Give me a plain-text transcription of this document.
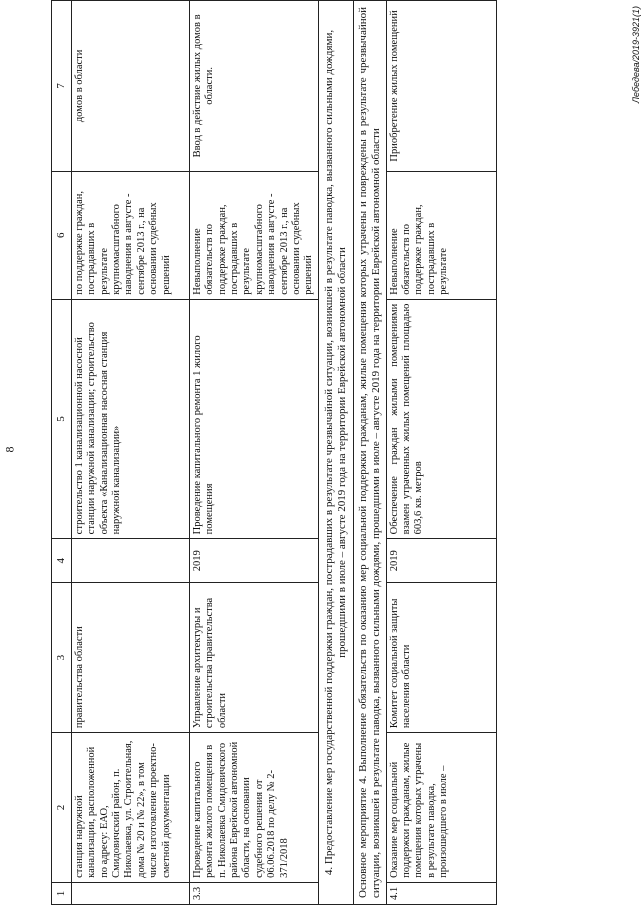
8
1	2	3	4	5	6	7
	станция наружной канализации, расположенной по адресу: ЕАО, Смидовичский район, п. Николаевка, ул. Строительная, дома № 20 и № 22», в том числе изготовление проектно-сметной документации	правительства области		строительство 1 канализационной насосной станции наружной канализации; строительство объекта «Канализационная насосная станция наружной канализации»	по поддержке граждан, пострадавших в результате крупномасштабного наводнения в августе - сентябре 2013 г., на основании судебных решений	домов в области
3.3	Проведение капитального ремонта жилого помещения в п. Николаевка Смидовичского района Еврейской автономной области, на основании судебного решения от 06.06.2018 по делу № 2-371/2018	Управление архитектуры и строительства правительства области	2019	Проведение капитального ремонта 1 жилого помещения	Невыполнение обязательств по поддержке граждан, пострадавших в результате крупномасштабного наводнения в августе - сентябре 2013 г., на основании судебных решений	Ввод в действие жилых домов в области.
4. Предоставление мер государственной поддержки граждан, пострадавших в результате чрезвычайной ситуации, возникшей в результате паводка, вызванного сильными дождями, прошедшими в июле – августе 2019 года на территории Еврейской автономной области						
Основное мероприятие 4. Выполнение обязательств по оказанию мер социальной поддержки гражданам, жилые помещения которых утрачены и повреждены в результате чрезвычайной ситуации, возникшей в результате паводка, вызванного сильными дождями, прошедшими в июле – августе 2019 года на территории Еврейской автономной области						
4.1	Оказание мер социальной поддержки гражданам, жилые помещения которых утрачены в результате паводка, произошедшего в июле –	Комитет социальной защиты населения области	2019	Обеспечение граждан жилыми помещениями взамен утраченных жилых помещений площадью 603,6 кв. метров	Невыполнение обязательств по поддержке граждан, пострадавших в результате	Приобретение жилых помещений	Лебедева/2019-3921(1)
